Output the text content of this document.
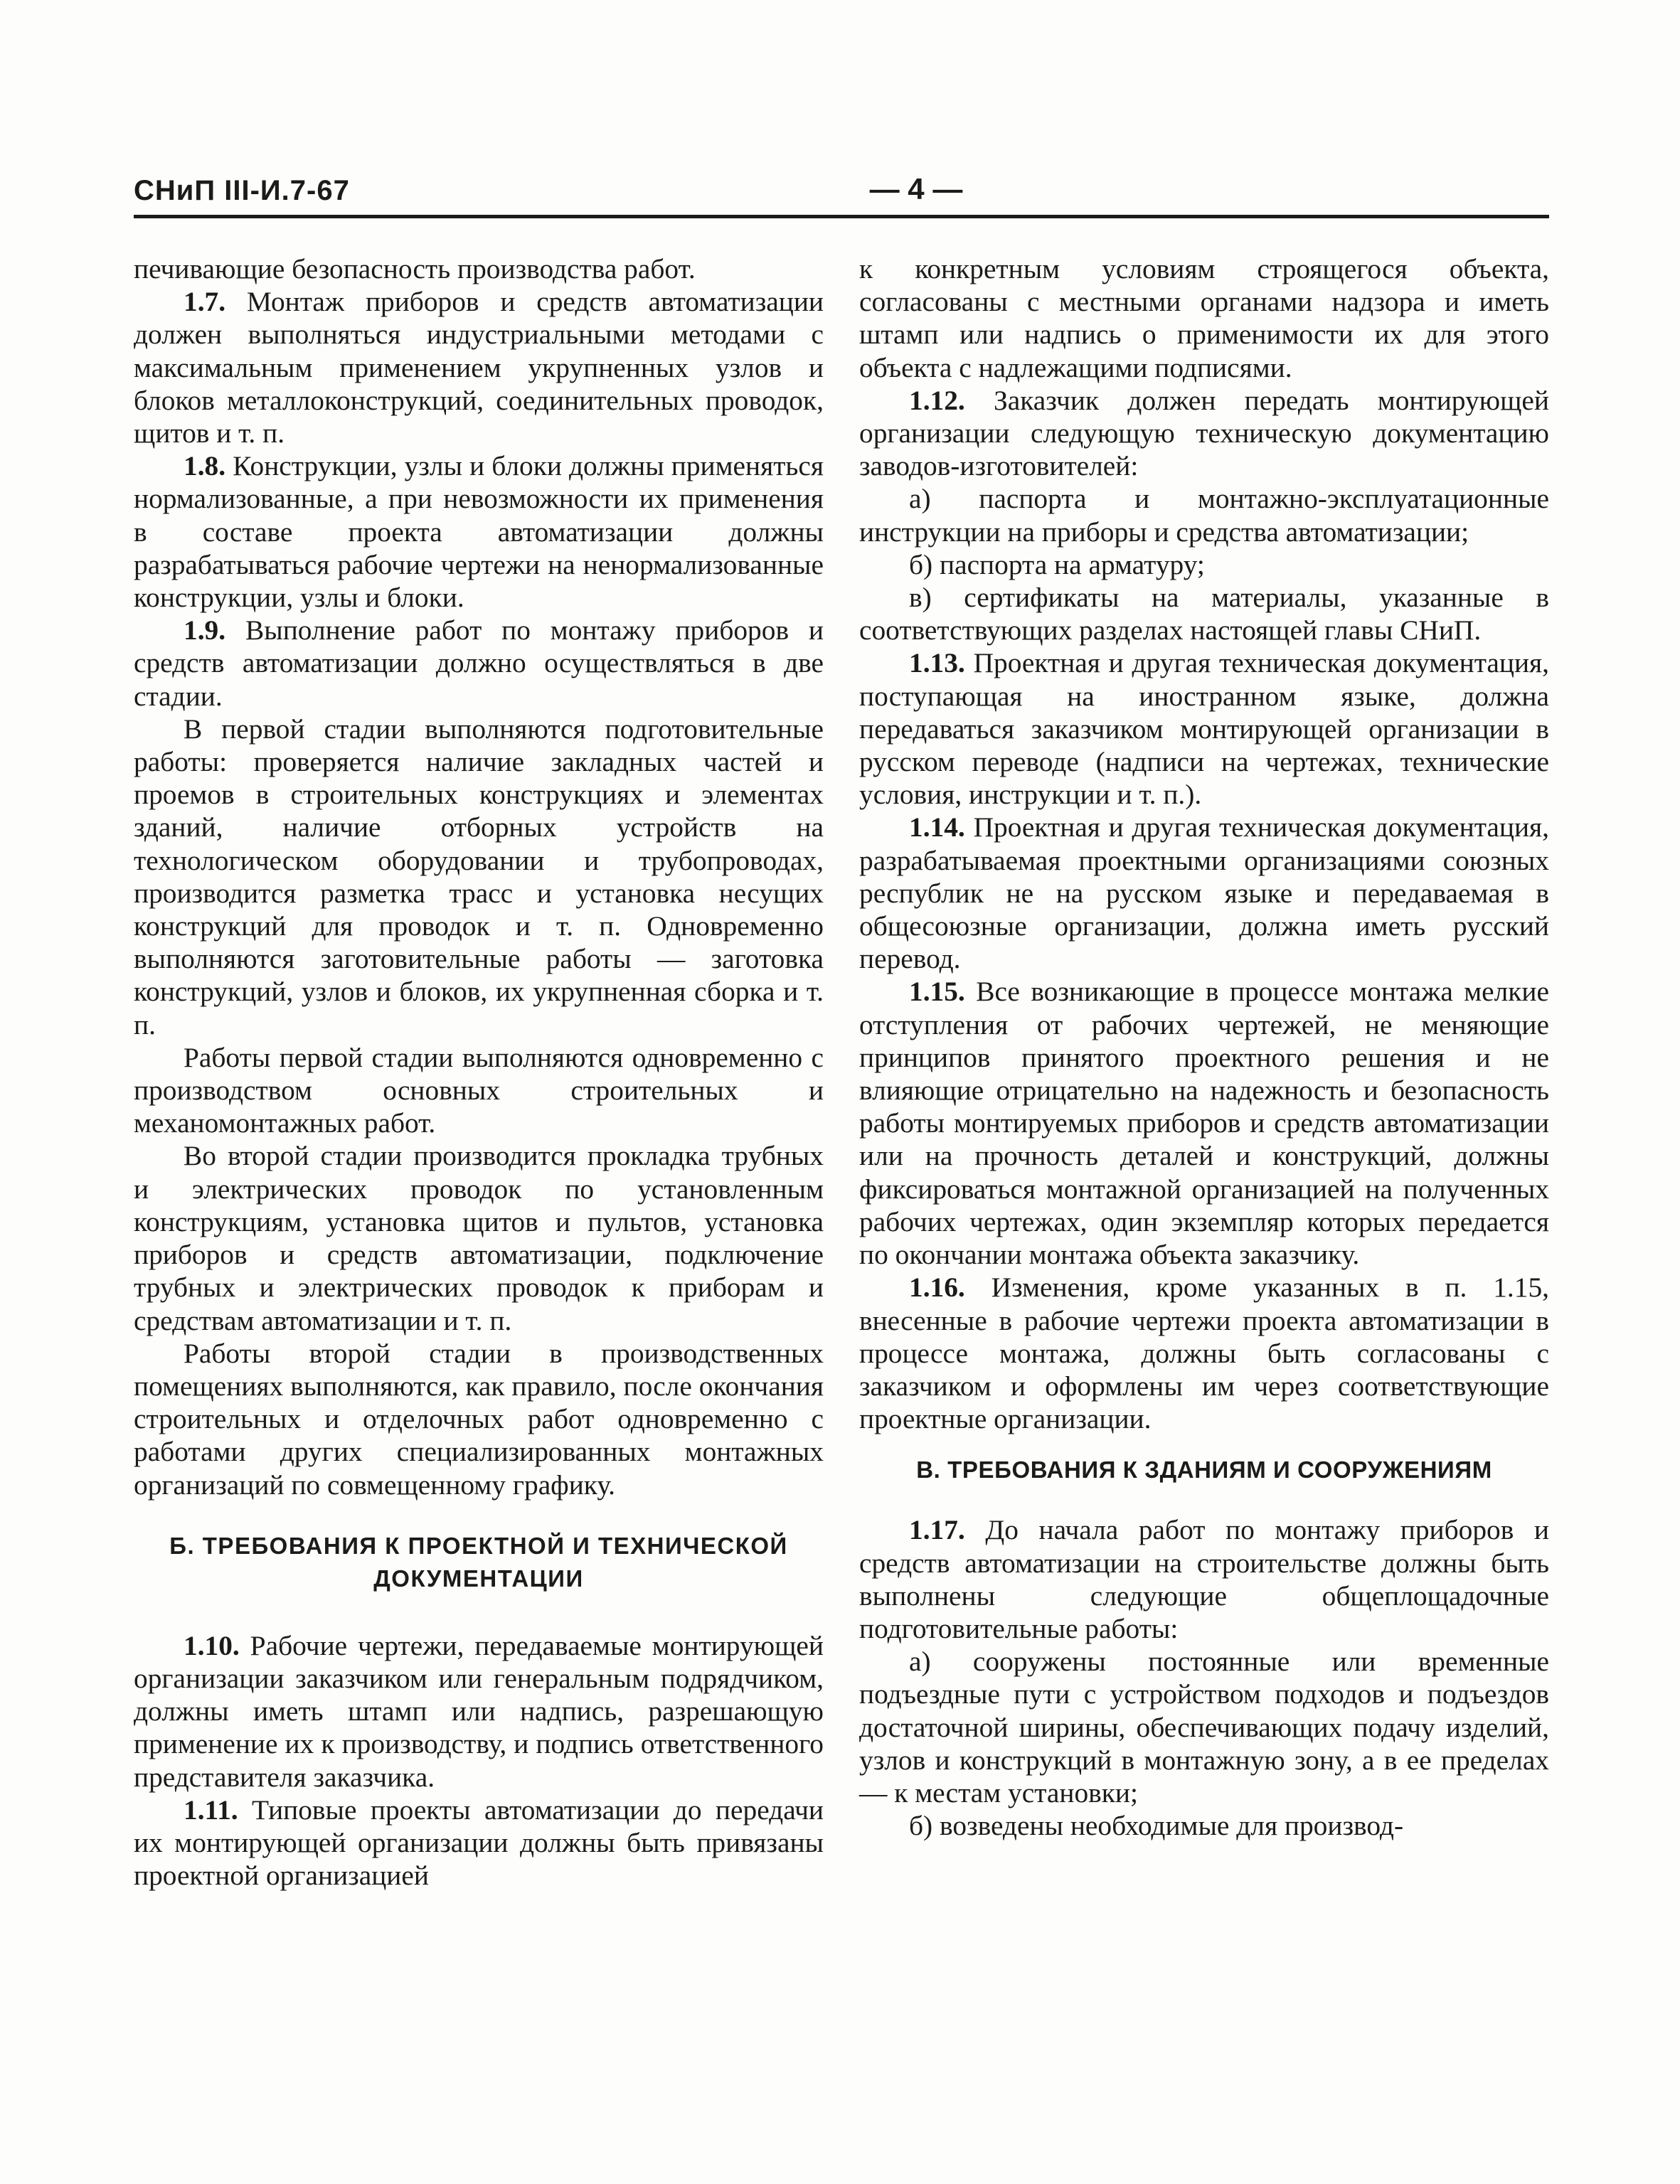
СНиП III-И.7-67	— 4 —

печивающие безопасность производства работ.

1.7. Монтаж приборов и средств автоматизации должен выполняться индустриальными методами с максимальным применением укрупненных узлов и блоков металлоконструкций, соединительных проводок, щитов и т. п.

1.8. Конструкции, узлы и блоки должны применяться нормализованные, а при невозможности их применения в составе проекта автоматизации должны разрабатываться рабочие чертежи на ненормализованные конструкции, узлы и блоки.

1.9. Выполнение работ по монтажу приборов и средств автоматизации должно осуществляться в две стадии.

В первой стадии выполняются подготовительные работы: проверяется наличие закладных частей и проемов в строительных конструкциях и элементах зданий, наличие отборных устройств на технологическом оборудовании и трубопроводах, производится разметка трасс и установка несущих конструкций для проводок и т. п. Одновременно выполняются заготовительные работы — заготовка конструкций, узлов и блоков, их укрупненная сборка и т. п.

Работы первой стадии выполняются одновременно с производством основных строительных и механомонтажных работ.

Во второй стадии производится прокладка трубных и электрических проводок по установленным конструкциям, установка щитов и пультов, установка приборов и средств автоматизации, подключение трубных и электрических проводок к приборам и средствам автоматизации и т. п.

Работы второй стадии в производственных помещениях выполняются, как правило, после окончания строительных и отделочных работ одновременно с работами других специализированных монтажных организаций по совмещенному графику.

Б. ТРЕБОВАНИЯ К ПРОЕКТНОЙ И ТЕХНИЧЕСКОЙ
ДОКУМЕНТАЦИИ

1.10. Рабочие чертежи, передаваемые монтирующей организации заказчиком или генеральным подрядчиком, должны иметь штамп или надпись, разрешающую применение их к производству, и подпись ответственного представителя заказчика.

1.11. Типовые проекты автоматизации до передачи их монтирующей организации должны быть привязаны проектной организацией

к конкретным условиям строящегося объекта, согласованы с местными органами надзора и иметь штамп или надпись о применимости их для этого объекта с надлежащими подписями.

1.12. Заказчик должен передать монтирующей организации следующую техническую документацию заводов-изготовителей:

а) паспорта и монтажно-эксплуатационные инструкции на приборы и средства автоматизации;

б) паспорта на арматуру;

в) сертификаты на материалы, указанные в соответствующих разделах настоящей главы СНиП.

1.13. Проектная и другая техническая документация, поступающая на иностранном языке, должна передаваться заказчиком монтирующей организации в русском переводе (надписи на чертежах, технические условия, инструкции и т. п.).

1.14. Проектная и другая техническая документация, разрабатываемая проектными организациями союзных республик не на русском языке и передаваемая в общесоюзные организации, должна иметь русский перевод.

1.15. Все возникающие в процессе монтажа мелкие отступления от рабочих чертежей, не меняющие принципов принятого проектного решения и не влияющие отрицательно на надежность и безопасность работы монтируемых приборов и средств автоматизации или на прочность деталей и конструкций, должны фиксироваться монтажной организацией на полученных рабочих чертежах, один экземпляр которых передается по окончании монтажа объекта заказчику.

1.16. Изменения, кроме указанных в п. 1.15, внесенные в рабочие чертежи проекта автоматизации в процессе монтажа, должны быть согласованы с заказчиком и оформлены им через соответствующие проектные организации.

В. ТРЕБОВАНИЯ К ЗДАНИЯМ И СООРУЖЕНИЯМ

1.17. До начала работ по монтажу приборов и средств автоматизации на строительстве должны быть выполнены следующие общеплощадочные подготовительные работы:

а) сооружены постоянные или временные подъездные пути с устройством подходов и подъездов достаточной ширины, обеспечивающих подачу изделий, узлов и конструкций в монтажную зону, а в ее пределах — к местам установки;

б) возведены необходимые для производ-
